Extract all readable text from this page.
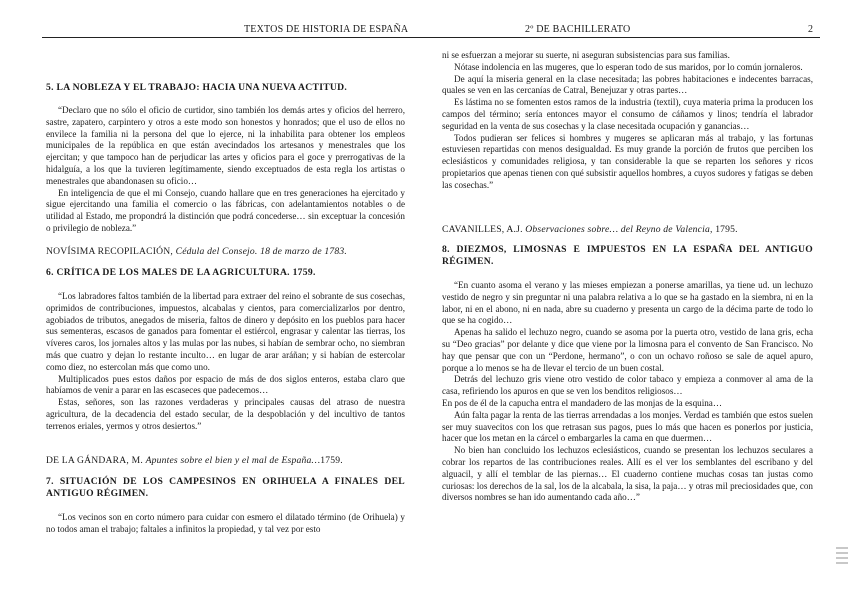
TEXTOS DE HISTORIA DE ESPAÑA	2º DE BACHILLERATO	2
5. LA NOBLEZA Y EL TRABAJO: HACIA UNA NUEVA ACTITUD.

“Declaro que no sólo el oficio de curtidor, sino también los demás artes y oficios del herrero, sastre, zapatero, carpintero y otros a este modo son honestos y honrados; que el uso de ellos no envilece la familia ni la persona del que lo ejerce, ni la inhabilita para obtener los empleos municipales de la república en que están avecindados los artesanos y menestrales que los ejercitan; y que tampoco han de perjudicar las artes y oficios para el goce y prerrogativas de la hidalguía, a los que la tuvieren legítimamente, siendo exceptuados de esta regla los artistas o menestrales que abandonasen su oficio…

En inteligencia de que el mi Consejo, cuando hallare que en tres generaciones ha ejercitado y sigue ejercitando una familia el comercio o las fábricas, con adelantamientos notables o de utilidad al Estado, me propondrá la distinción que podrá concederse… sin exceptuar la concesión o privilegio de nobleza.”

NOVÍSIMA RECOPILACIÓN, Cédula del Consejo. 18 de marzo de 1783.
6. CRÍTICA DE LOS MALES DE LA AGRICULTURA. 1759.

“Los labradores faltos también de la libertad para extraer del reino el sobrante de sus cosechas, oprimidos de contribuciones, impuestos, alcabalas y cientos, para comercializarlos por dentro, agobiados de tributos, anegados de miseria, faltos de dinero y depósito en los pueblos para hacer sus sementeras, escasos de ganados para fomentar el estiércol, engrasar y calentar las tierras, los víveres caros, los jornales altos y las mulas por las nubes, si habían de sembrar ocho, no siembran más que cuatro y dejan lo restante inculto… en lugar de arar aráñan; y si habían de estercolar como diez, no estercolan más que como uno.

Multiplicados pues estos daños por espacio de más de dos siglos enteros, estaba claro que habíamos de venir a parar en las escaseces que padecemos…

Estas, señores, son las razones verdaderas y principales causas del atraso de nuestra agricultura, de la decadencia del estado secular, de la despoblación y del incultivo de tantos terrenos eriales, yermos y otros desiertos.”

DE LA GÁNDARA, M. Apuntes sobre el bien y el mal de España…1759.
7. SITUACIÓN DE LOS CAMPESINOS EN ORIHUELA A FINALES DEL ANTIGUO RÉGIMEN.

“Los vecinos son en corto número para cuidar con esmero el dilatado término (de Orihuela) y no todos aman el trabajo; faltales a infinitos la propiedad, y tal vez por esto

ni se esfuerzan a mejorar su suerte, ni aseguran subsistencias para sus familias.

Nótase indolencia en las mugeres, que lo esperan todo de sus maridos, por lo común jornaleros.

De aquí la miseria general en la clase necesitada; las pobres habitaciones e indecentes barracas, quales se ven en las cercanías de Catral, Benejuzar y otras partes…

Es lástima no se fomenten estos ramos de la industria (textil), cuya materia prima la producen los campos del término; sería entonces mayor el consumo de cáñamos y linos; tendría el labrador seguridad en la venta de sus cosechas y la clase necesitada ocupación y ganancias…

Todos pudieran ser felices si hombres y mugeres se aplicaran más al trabajo, y las fortunas estuviesen repartidas con menos desigualdad. Es muy grande la porción de frutos que perciben los eclesiásticos y comunidades religiosa, y tan considerable la que se reparten los señores y ricos propietarios que apenas tienen con qué subsistir aquellos hombres, a cuyos sudores y fatigas se deben las cosechas.”

CAVANILLES, A.J. Observaciones sobre… del Reyno de Valencia, 1795.
8. DIEZMOS, LIMOSNAS E IMPUESTOS EN LA ESPAÑA DEL ANTIGUO RÉGIMEN.

“En cuanto asoma el verano y las mieses empiezan a ponerse amarillas, ya tiene ud. un lechuzo vestido de negro y sin preguntar ni una palabra relativa a lo que se ha gastado en la siembra, ni en la labor, ni en el abono, ni en nada, abre su cuaderno y presenta un cargo de la décima parte de todo lo que se ha cogido…

Apenas ha salido el lechuzo negro, cuando se asoma por la puerta otro, vestido de lana gris, echa su “Deo gracias” por delante y dice que viene por la limosna para el convento de San Francisco. No hay que pensar que con un “Perdone, hermano”, o con un ochavo roñoso se sale de aquel apuro, porque a lo menos se ha de llevar el tercio de un buen costal.

Detrás del lechuzo gris viene otro vestido de color tabaco y empieza a conmover al ama de la casa, refiriendo los apuros en que se ven los benditos religiosos…

En pos de él de la capucha entra el mandadero de las monjas de la esquina…

Aún falta pagar la renta de las tierras arrendadas a los monjes. Verdad es también que estos suelen ser muy suavecitos con los que retrasan sus pagos, pues lo más que hacen es ponerlos por justicia, hacer que los metan en la cárcel o embargarles la cama en que duermen…

No bien han concluido los lechuzos eclesiásticos, cuando se presentan los lechuzos seculares a cobrar los repartos de las contribuciones reales. Allí es el ver los semblantes del escribano y del alguacil, y allí el temblar de las piernas… El cuaderno contiene muchas cosas tan justas como curiosas: los derechos de la sal, los de la alcabala, la sisa, la paja… y otras mil preciosidades que, con diversos nombres se han ido aumentando cada año…”
